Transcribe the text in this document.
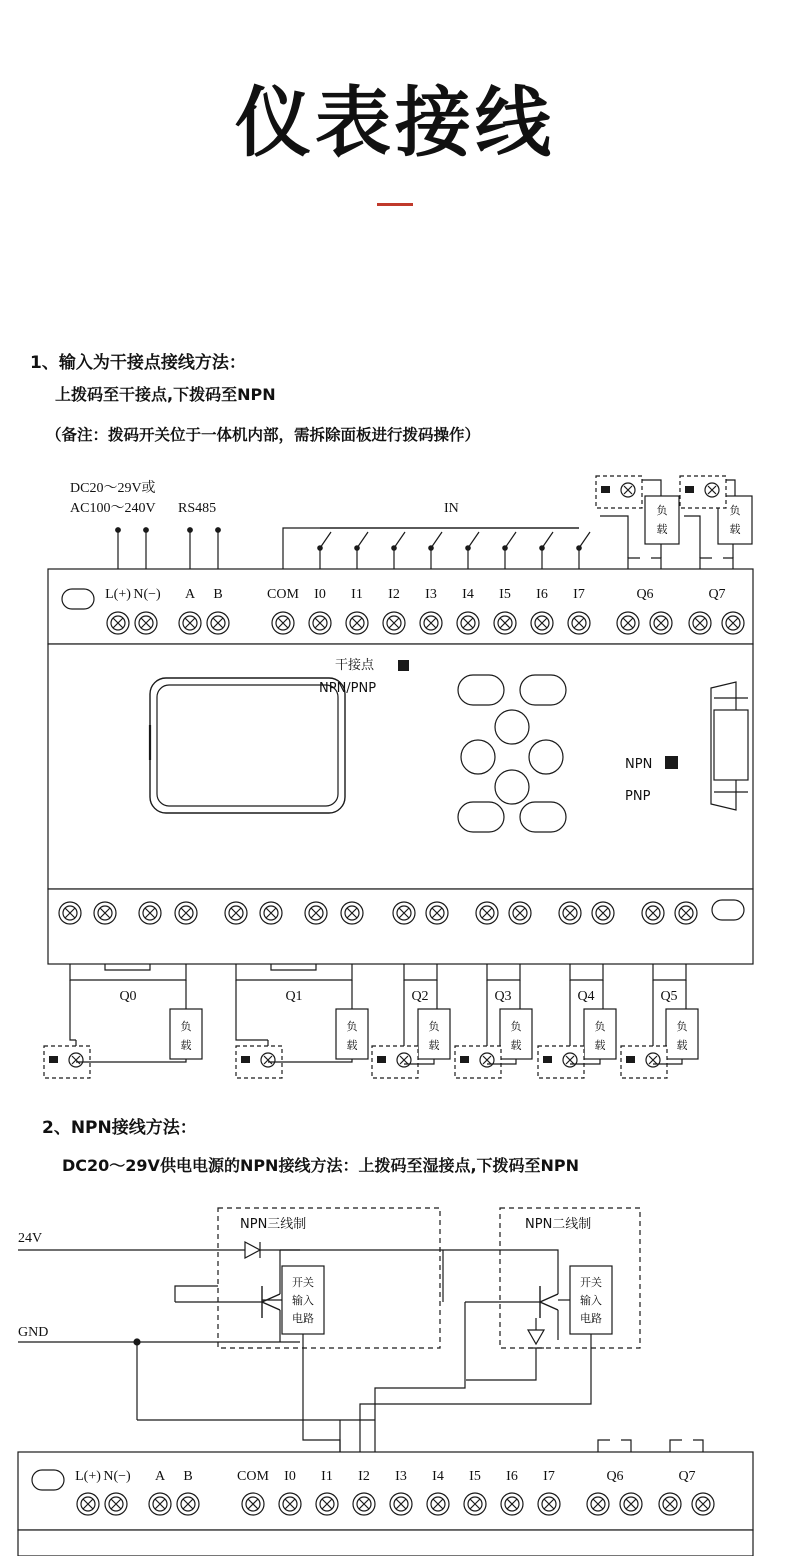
仪表接线
1、输入为干接点接线方法：
上拨码至干接点,下拨码至NPN
（备注：拨码开关位于一体机内部，需拆除面板进行拨码操作）
DC20～29V或
AC100～240V RS485	IN
L(+) N(−) A B	COM I0 I1 I2 I3 I4 I5 I6 I7	Q6	Q7
干接点
NPN/PNP
NPN
PNP
Q0	Q1	Q2	Q3	Q4	Q5
负载
负载
负载
负载
负载
负载
负载
负载
2、NPN接线方法：
DC20～29V供电电源的NPN接线方法：上拨码至湿接点,下拨码至NPN
24V
GND
NPN三线制	NPN二线制
开关
输入
电路
开关
输入
电路
L(+) N(−) A B	COM I0 I1 I2 I3 I4 I5 I6 I7	Q6	Q7
